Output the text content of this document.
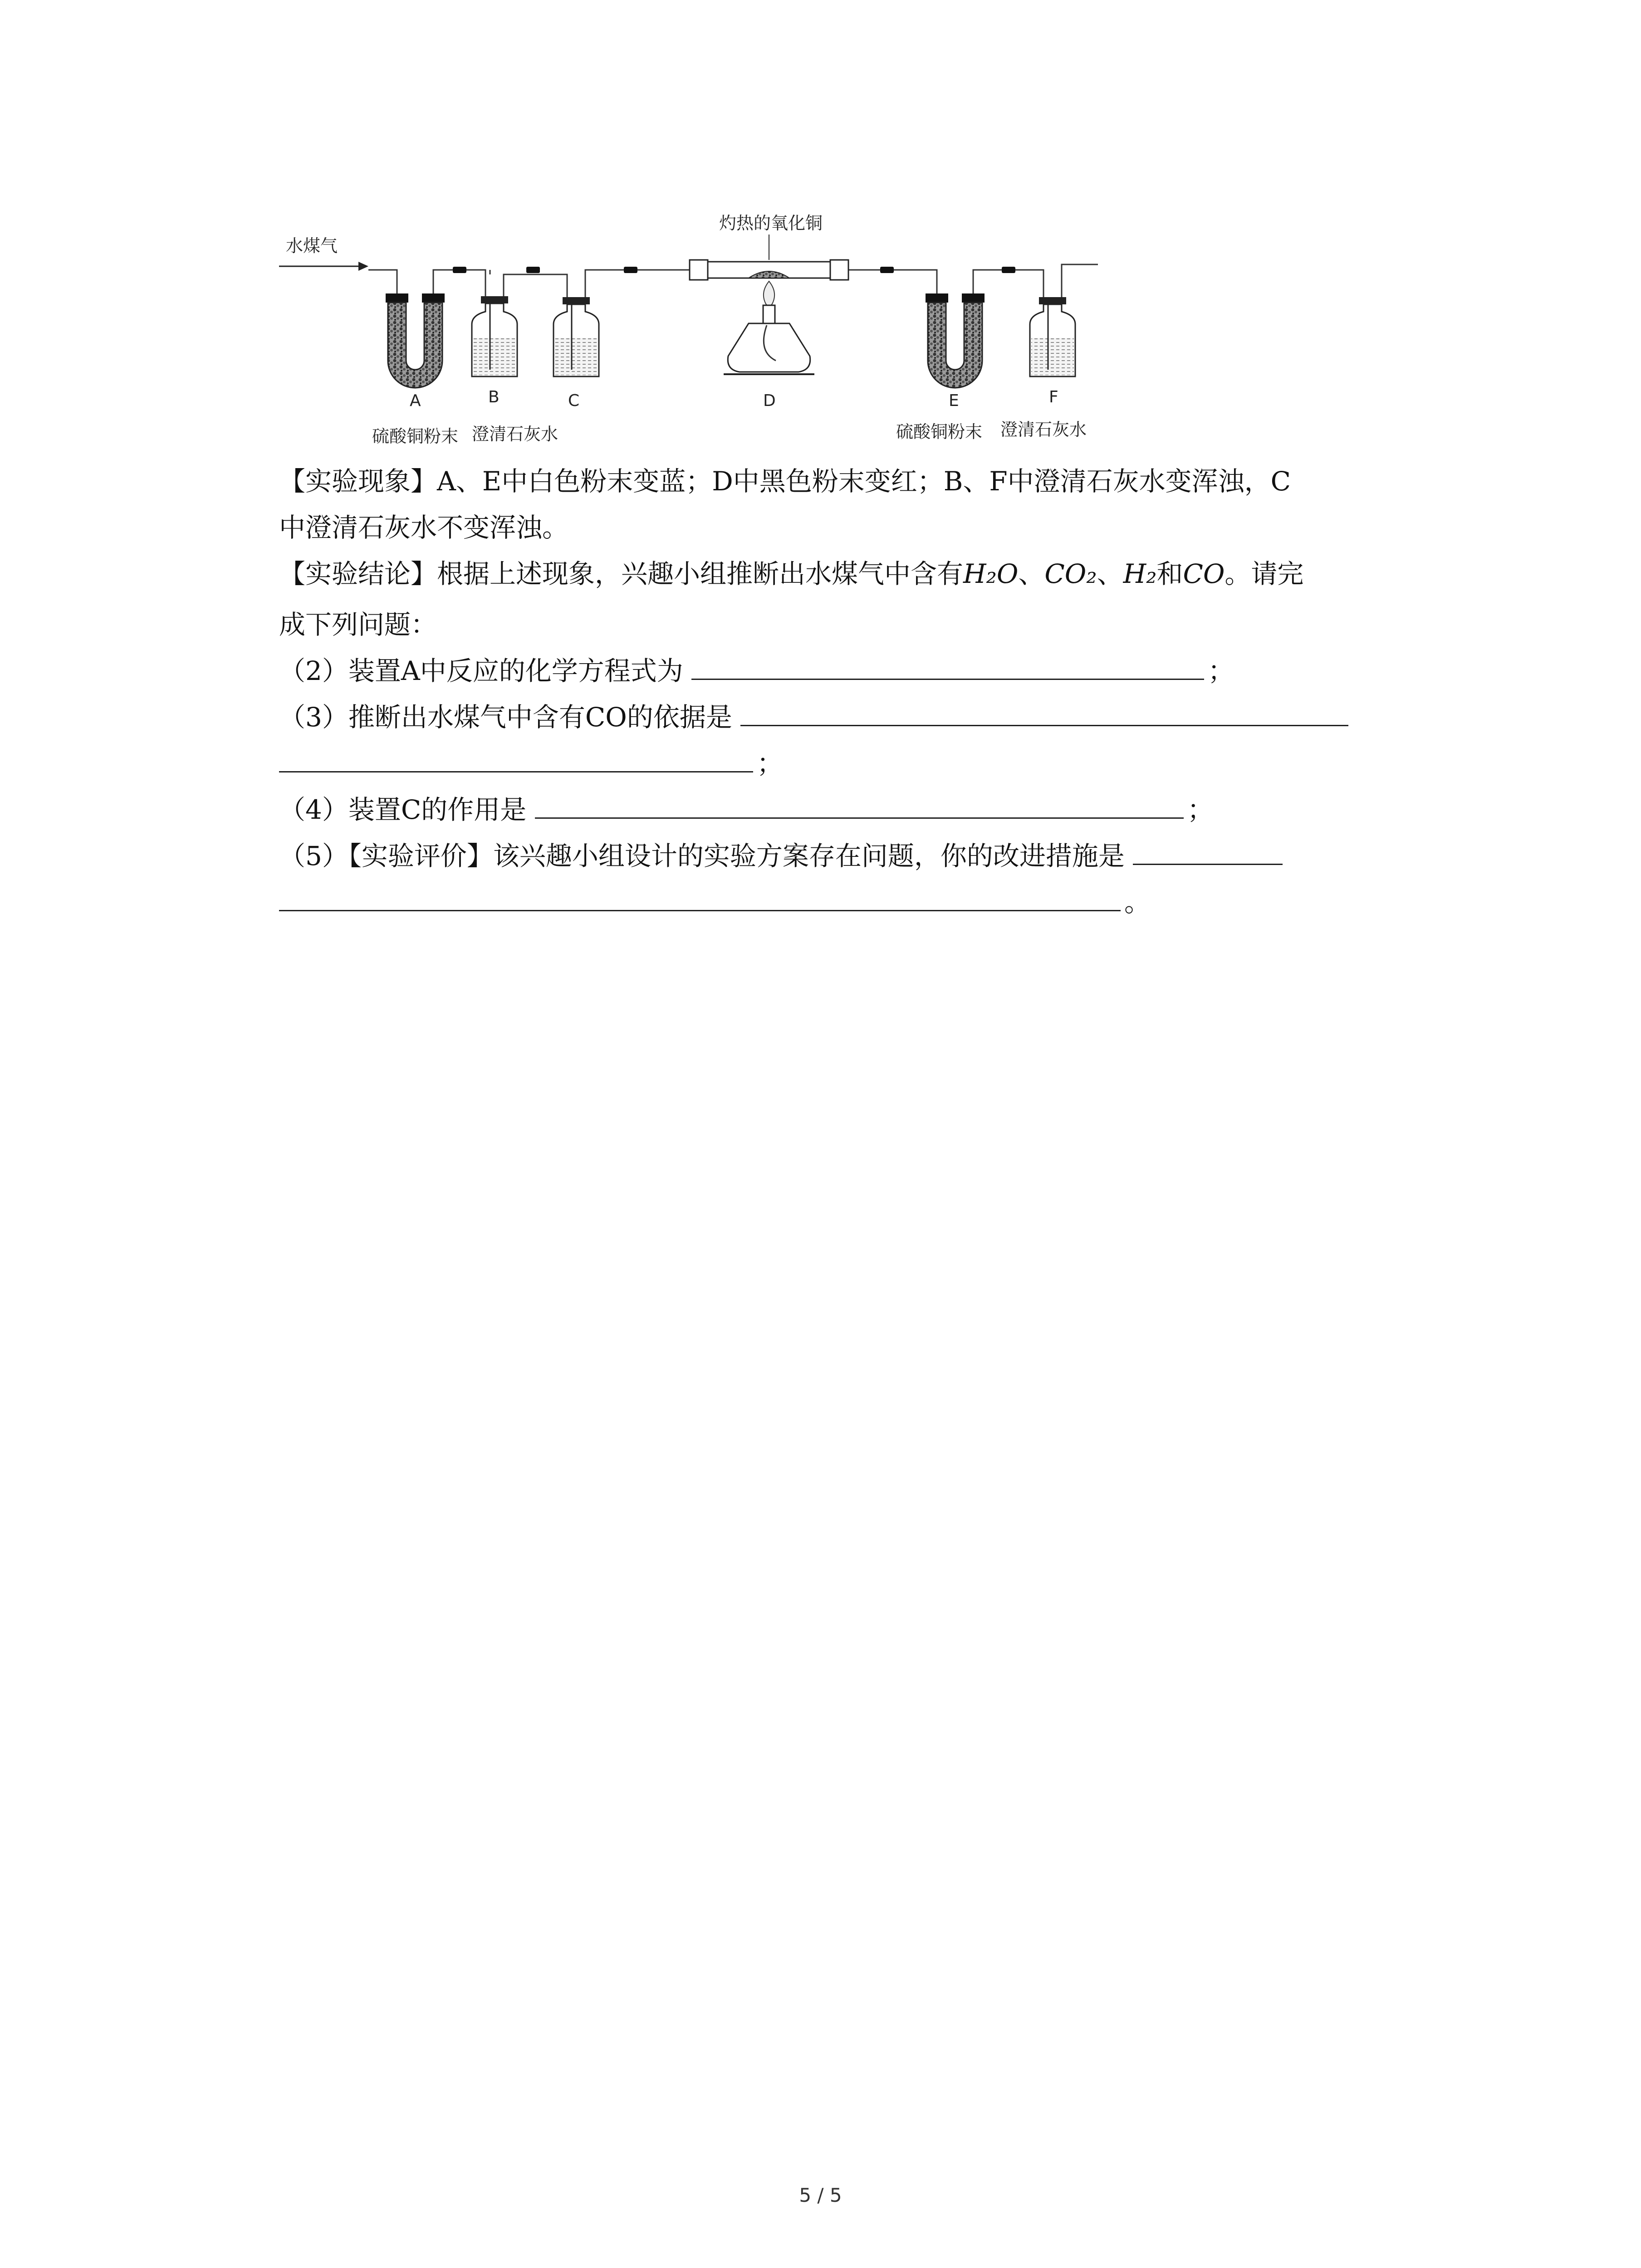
水煤气
灼热的氧化铜
A	B	C	D	E	F
硫酸铜粉末 澄清石灰水	硫酸铜粉末 澄清石灰水
【实验现象】A、E中白色粉末变蓝；D中黑色粉末变红；B、F中澄清石灰水变浑浊，C
中澄清石灰水不变浑浊。
【实验结论】根据上述现象，兴趣小组推断出水煤气中含有H₂O、CO₂、H₂和CO。请完
成下列问题：
（2）装置A中反应的化学方程式为	；
（3）推断出水煤气中含有CO的依据是
；
（4）装置C的作用是	；
（5）【实验评价】该兴趣小组设计的实验方案存在问题，你的改进措施是
。
5 / 5
